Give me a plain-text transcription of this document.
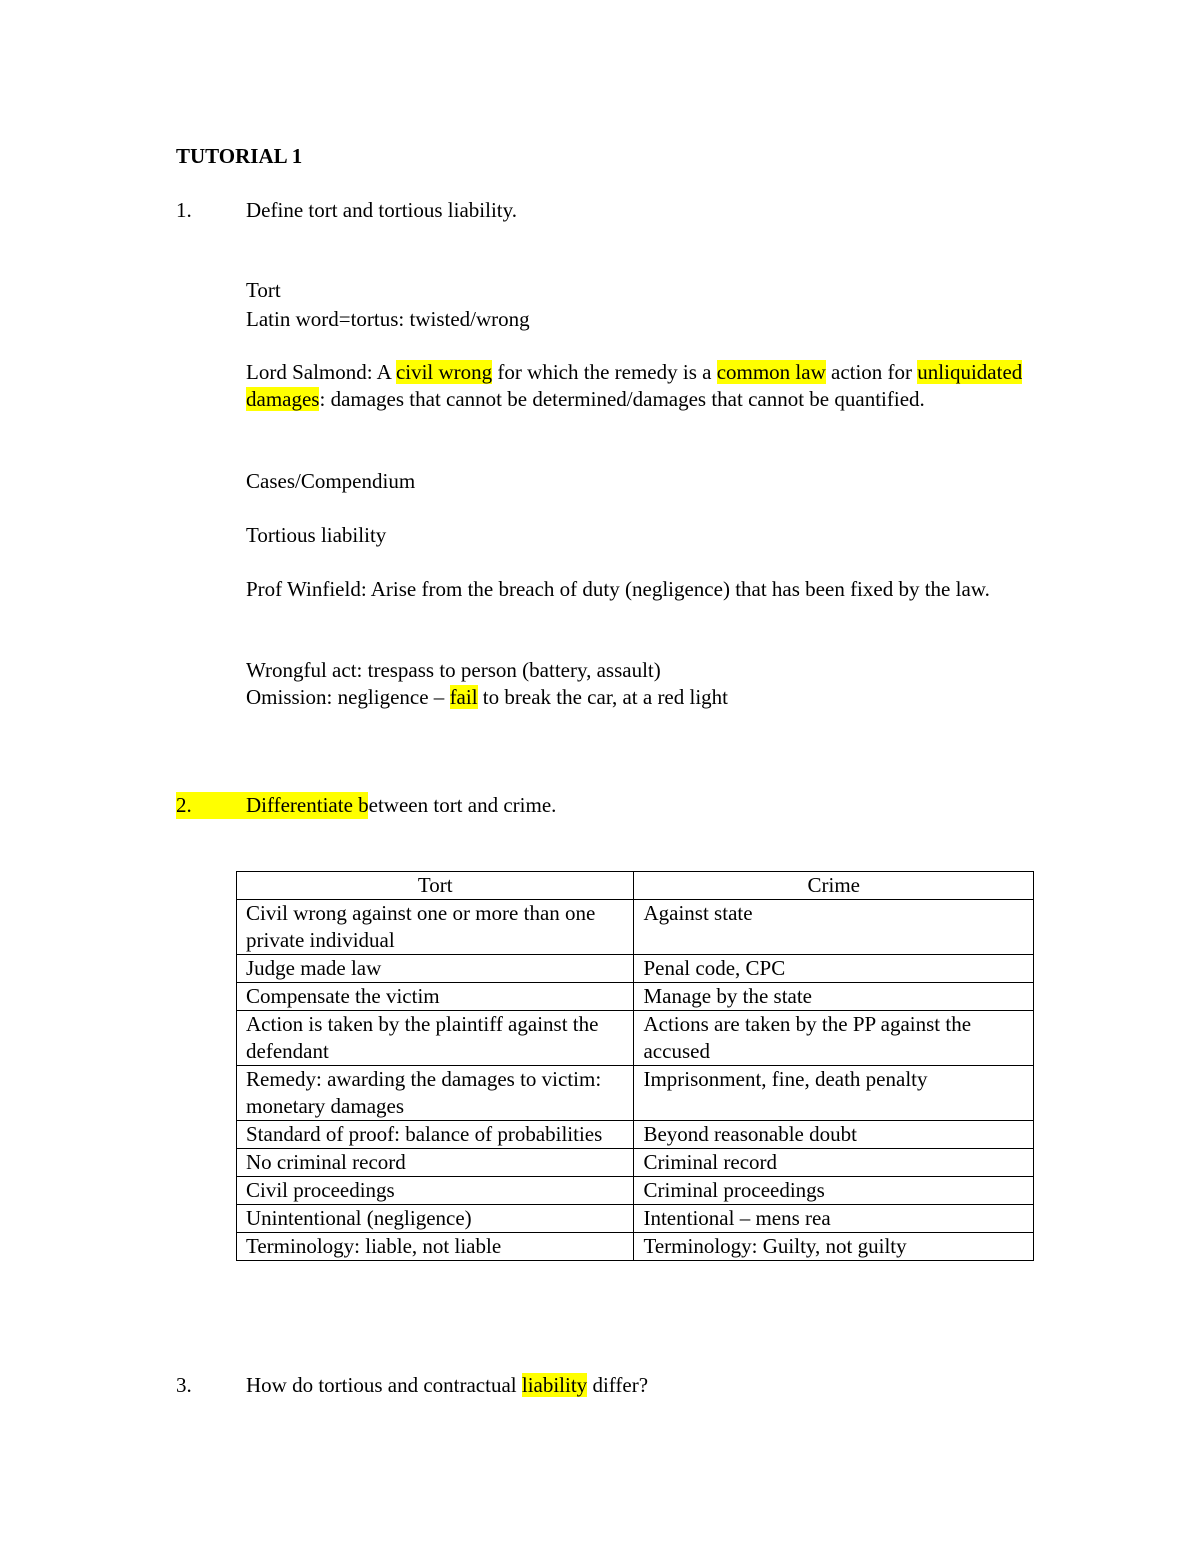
TUTORIAL 1
1.	Define tort and tortious liability.
Tort
Latin word=tortus: twisted/wrong
Lord Salmond: A civil wrong for which the remedy is a common law action for unliquidated damages: damages that cannot be determined/damages that cannot be quantified.
Cases/Compendium
Tortious liability
Prof Winfield: Arise from the breach of duty (negligence) that has been fixed by the law.
Wrongful act: trespass to person (battery, assault)
Omission: negligence – fail to break the car, at a red light
2.	Differentiate between tort and crime.
Tort	Crime
Civil wrong against one or more than one private individual	Against state
Judge made law	Penal code, CPC
Compensate the victim	Manage by the state
Action is taken by the plaintiff against the defendant	Actions are taken by the PP against the accused
Remedy: awarding the damages to victim: monetary damages	Imprisonment, fine, death penalty
Standard of proof: balance of probabilities	Beyond reasonable doubt
No criminal record	Criminal record
Civil proceedings	Criminal proceedings
Unintentional (negligence)	Intentional – mens rea
Terminology: liable, not liable	Terminology: Guilty, not guilty
3.	How do tortious and contractual liability differ?
